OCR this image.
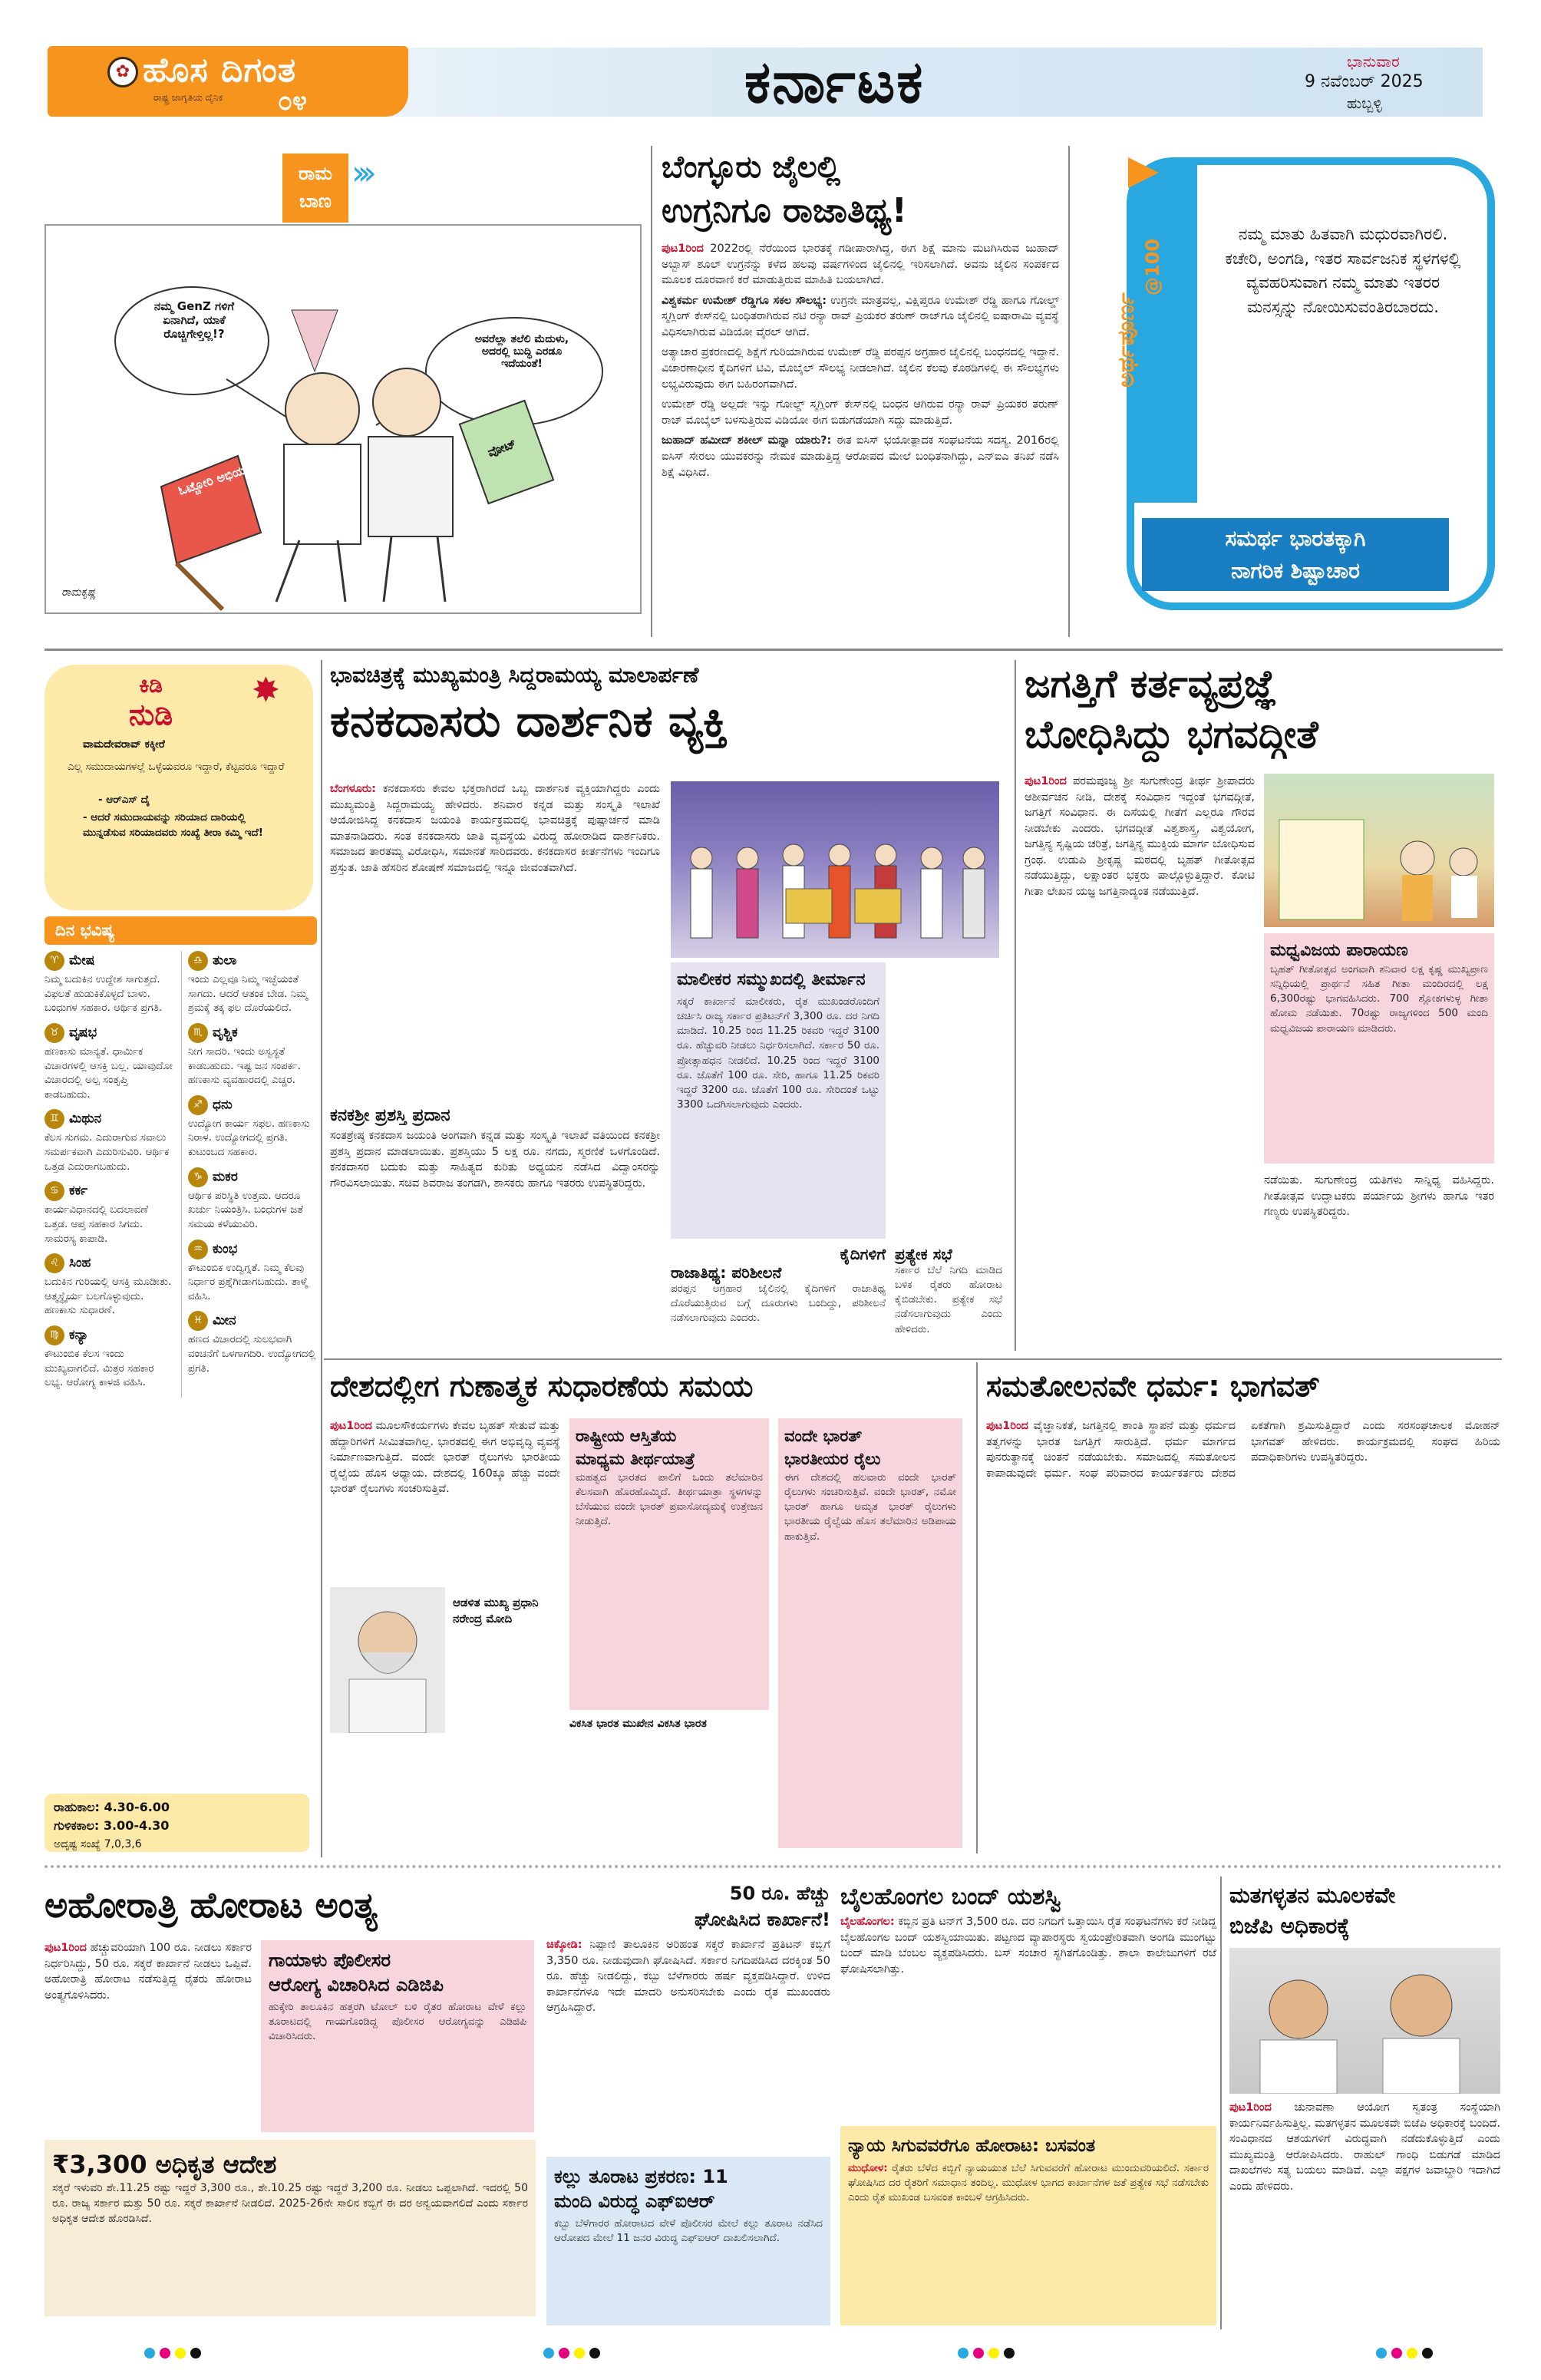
✿ ಹೊಸ ದಿಗಂತ
ರಾಷ್ಟ್ರ ಜಾಗೃತಿಯ ದೈನಿಕ ೦೪	ಕರ್ನಾಟಕ	ಭಾನುವಾರ
9 ನವೆಂಬರ್ 2025
ಹುಬ್ಬಳ್ಳಿ
ರಾಮ
ಬಾಣ
›››
ನಮ್ಮ GenZ ಗಳಿಗೆ ಏನಾಗಿದೆ, ಯಾಕೆ ರೊಚ್ಚಿಗೇಳ್ತಿಲ್ಲ!?	ಅವರೆಲ್ಲಾ ತಲೆಲಿ ಮೆದುಳು, ಅದರಲ್ಲಿ ಬುದ್ಧಿ ಎರಡೂ ಇದೆಯಂತೆ!
ಓಟ್ಚೋರಿ ಅಭಿಯಾನ
ವೋಟ್
ರಾಮಕೃಷ್ಣ
ಬೆಂಗ್ಳೂರು ಜೈಲಲ್ಲಿ
ಉಗ್ರನಿಗೂ ರಾಜಾತಿಥ್ಯ!

ಪುಟ1ರಿಂದ 2022ರಲ್ಲಿ ನೆರೆಯಿಂದ ಭಾರತಕ್ಕೆ ಗಡೀಪಾರಾಗಿದ್ದ, ಈಗ ಶಿಕ್ಷೆ ಮಾನು ಮಟಗಿಸಿರುವ ಜುಹಾದ್ ಅಬ್ಬಾಸ್ ಶೂಲ್ ಉಗ್ರನೆನ್ನು ಕಳೆದ ಹಲವು ವರ್ಷಗಳಿಂದ ಜೈಲಿನಲ್ಲಿ ಇರಿಸಲಾಗಿದೆ. ಅವನು ಜೈಲಿನ ಸಂಪರ್ಕದ ಮೂಲಕ ದೂರವಾಣಿ ಕರೆ ಮಾಡುತ್ತಿರುವ ಮಾಹಿತಿ ಬಯಲಾಗಿದೆ.

ವಿಶ್ವಕರ್ಮ ಉಮೇಶ್ ರೆಡ್ಡಿಗೂ ಸಕಲ ಸೌಲಭ್ಯ: ಉಗ್ರನೇ ಮಾತ್ರವಲ್ಲ, ವಿಕ್ಷಿಪ್ತರೂ ಉಮೇಶ್ ರೆಡ್ಡಿ ಹಾಗೂ ಗೋಲ್ಡ್ ಸ್ಮಗ್ಲಿಂಗ್ ಕೇಸ್‌ನಲ್ಲಿ ಬಂಧಿತರಾಗಿರುವ ನಟಿ ರನ್ಯಾ ರಾವ್ ಪ್ರಿಯಕರ ತರುಣ್ ರಾಜ್‌ಗೂ ಜೈಲಿನಲ್ಲಿ ಐಷಾರಾಮಿ ವ್ಯವಸ್ಥೆ ವಿಧಿಸಲಾಗಿರುವ ವಿಡಿಯೋ ವೈರಲ್ ಆಗಿದೆ.

ಅತ್ಯಾಚಾರ ಪ್ರಕರಣದಲ್ಲಿ ಶಿಕ್ಷೆಗೆ ಗುರಿಯಾಗಿರುವ ಉಮೇಶ್ ರೆಡ್ಡಿ ಪರಪ್ಪನ ಅಗ್ರಹಾರ ಜೈಲಿನಲ್ಲಿ ಬಂಧನದಲ್ಲಿ ಇದ್ದಾನೆ. ವಿಚಾರಣಾಧೀನ ಕೈದಿಗಳಿಗೆ ಟಿವಿ, ಮೊಬೈಲ್ ಸೌಲಭ್ಯ ನೀಡಲಾಗಿದೆ. ಜೈಲಿನ ಕೆಲವು ಕೊಠಡಿಗಳಲ್ಲಿ ಈ ಸೌಲಭ್ಯಗಳು ಲಭ್ಯವಿರುವುದು ಈಗ ಬಹಿರಂಗವಾಗಿದೆ.

ಉಮೇಶ್ ರೆಡ್ಡಿ ಅಲ್ಲದೇ ಇನ್ನು ಗೋಲ್ಡ್ ಸ್ಮಗ್ಲಿಂಗ್ ಕೇಸ್‌ನಲ್ಲಿ ಬಂಧನ ಆಗಿರುವ ರನ್ಯಾ ರಾವ್ ಪ್ರಿಯಕರ ತರುಣ್ ರಾಜ್ ಮೊಬೈಲ್ ಬಳಸುತ್ತಿರುವ ವಿಡಿಯೋ ಈಗ ಬಿಡುಗಡೆಯಾಗಿ ಸದ್ದು ಮಾಡುತ್ತಿದೆ.

ಜುಹಾದ್ ಹಮೀದ್ ಶಕೀಲ್ ಮನ್ನಾ ಯಾರು?: ಈತ ಐಸಿಸ್ ಭಯೋತ್ಪಾದಕ ಸಂಘಟನೆಯ ಸದಸ್ಯ. 2016ರಲ್ಲಿ ಐಸಿಸ್ ಸೇರಲು ಯುವಕರನ್ನು ನೇಮಕ ಮಾಡುತ್ತಿದ್ದ ಆರೋಪದ ಮೇಲೆ ಬಂಧಿತನಾಗಿದ್ದು, ಎನ್‌ಐಎ ತನಿಖೆ ನಡೆಸಿ ಶಿಕ್ಷೆ ವಿಧಿಸಿದೆ.

ಅರ್ಥಪೂರ್ಣ
@100
ನಮ್ಮ ಮಾತು ಹಿತವಾಗಿ ಮಧುರವಾಗಿರಲಿ. ಕಚೇರಿ, ಅಂಗಡಿ, ಇತರ ಸಾರ್ವಜನಿಕ ಸ್ಥಳಗಳಲ್ಲಿ ವ್ಯವಹರಿಸುವಾಗ ನಮ್ಮ ಮಾತು ಇತರರ ಮನಸ್ಸನ್ನು ನೋಯಿಸುವಂತಿರಬಾರದು.
ಸಮರ್ಥ ಭಾರತಕ್ಕಾಗಿ
ನಾಗರಿಕ ಶಿಷ್ಟಾಚಾರ
ಕಿಡಿ
ನುಡಿ
✸
ವಾಮದೇವರಾವ್ ಕಕ್ಕೀರೆ
ಎಲ್ಲ ಸಮುದಾಯಗಳಲ್ಲೆ ಒಳ್ಳೆಯವರೂ ಇದ್ದಾರೆ, ಕೆಟ್ಟವರೂ ಇದ್ದಾರೆ
- ಆರ್‌ಎಸ್ ದೈ
- ಆದರೆ ಸಮುದಾಯವನ್ನು ಸರಿಯಾದ ದಾರಿಯಲ್ಲಿ ಮುನ್ನಡೆಸುವ ಸರಿಯಾದವರು ಸಂಖ್ಯೆ ತೀರಾ ಕಮ್ಮಿ ಇದೆ!
ದಿನ ಭವಿಷ್ಯ
♈ ಮೇಷ
ನಿಮ್ಮ ಬದುಕಿನ ಉದ್ದೇಶ ಸಾಗುತ್ತದೆ. ವಿಫಲತೆ ಹುಡುಕಿಕೊಳ್ಳದೆ ಬಾಳು. ಬಂಧುಗಳ ಸಹಕಾರ. ಆರ್ಥಿಕ ಪ್ರಗತಿ.
♉ ವೃಷಭ
ಹಣಕಾಸು ಮಾನ್ಯತೆ. ಧಾರ್ಮಿಕ ವಿಚಾರಗಳಲ್ಲಿ ಆಸಕ್ತಿ ಬಲ್ಲ. ಯಾವುದೋ ವಿಚಾರದಲ್ಲಿ ಅಲ್ಪ ಸಂತೃಪ್ತಿ ಕಾಡಬಹುದು.
♊ ಮಿಥುನ
ಕೆಲಸ ಸುಗಮ. ಎದುರಾಗುವ ಸವಾಲು ಸಮರ್ಪಕವಾಗಿ ಎದುರಿಸುವಿರಿ. ಆರ್ಥಿಕ ಒತ್ತಡ ಎದುರಾಗಬಹುದು.
♋ ಕರ್ಕ
ಕಾರ್ಯವಿಧಾನದಲ್ಲಿ ಬದಲಾವಣೆ ಒತ್ತಡ. ಆಪ್ತ ಸಹಕಾರ ಸಿಗದು. ಸಾಮರಸ್ಯ ಕಾಪಾಡಿ.
♌ ಸಿಂಹ
ಬದುಕಿನ ಗುರಿಯಲ್ಲಿ ಆಸಕ್ತಿ ಮೂಡೀತು. ಆತ್ಮಸ್ಥೈರ್ಯ ಬಲಗೊಳ್ಳುವುದು. ಹಣಕಾಸು ಸುಧಾರಣೆ.
♍ ಕನ್ಯಾ
ಕೌಟುಂಬಿಕ ಕೆಲಸ ಇಂದು ಮುಖ್ಯವಾಗಲಿದೆ. ಮಿತ್ರರ ಸಹಕಾರ ಲಭ್ಯ. ಆರೋಗ್ಯ ಕಾಳಜಿ ವಹಿಸಿ.
♎ ತುಲಾ
ಇಂದು ಎಲ್ಲವೂ ನಿಮ್ಮ ಇಚ್ಛೆಯಂತೆ ಸಾಗದು. ಆದರೆ ಆತಂಕ ಬೇಡ. ನಿಮ್ಮ ಶ್ರಮಕ್ಕೆ ತಕ್ಕ ಫಲ ದೊರೆಯಲಿದೆ.
♏ ವೃಶ್ಚಿಕ
ನೀಗ ಸಾದರಿ. ಇಂದು ಅಸ್ವಸ್ಥತೆ ಕಾಡಬಹುದು. ಇಷ್ಟ ಜನ ಸಂಪರ್ಕ. ಹಣಕಾಸು ವ್ಯವಹಾರದಲ್ಲಿ ಎಚ್ಚರ.
♐ ಧನು
ಉದ್ಯೋಗ ಕಾರ್ಯ ಸಫಲ. ಹಣಕಾಸು ನಿರಾಳ. ಉದ್ಯೋಗದಲ್ಲಿ ಪ್ರಗತಿ. ಕುಟುಂಬದ ಸಹಕಾರ.
♑ ಮಕರ
ಆರ್ಥಿಕ ಪರಿಸ್ಥಿತಿ ಉತ್ತಮ. ಆದರೂ ಖರ್ಚು ನಿಯಂತ್ರಿಸಿ. ಬಂಧುಗಳ ಜತೆ ಸಮಯ ಕಳೆಯುವಿರಿ.
♒ ಕುಂಭ
ಕೌಟುಂಬಿಕ ಉದ್ವಿಗ್ನತೆ. ನಿಮ್ಮ ಕೆಲವು ನಿರ್ಧಾರ ಪ್ರಶ್ನೆಗೀಡಾಗಬಹುದು. ತಾಳ್ಮೆ ವಹಿಸಿ.
♓ ಮೀನ
ಹಣದ ವಿಚಾರದಲ್ಲಿ ಸುಲಭವಾಗಿ ವಂಚನೆಗೆ ಒಳಗಾಗದಿರಿ. ಉದ್ಯೋಗದಲ್ಲಿ ಪ್ರಗತಿ.
ರಾಹುಕಾಲ: 4.30-6.00
ಗುಳಿಕಕಾಲ: 3.00-4.30
ಅದೃಷ್ಟ ಸಂಖ್ಯೆ 7,0,3,6
ಭಾವಚಿತ್ರಕ್ಕೆ ಮುಖ್ಯಮಂತ್ರಿ ಸಿದ್ದರಾಮಯ್ಯ ಮಾಲಾರ್ಪಣೆ
ಕನಕದಾಸರು ದಾರ್ಶನಿಕ ವ್ಯಕ್ತಿ

ಬೆಂಗಳೂರು: ಕನಕದಾಸರು ಕೇವಲ ಭಕ್ತರಾಗಿರದೆ ಒಬ್ಬ ದಾರ್ಶನಿಕ ವ್ಯಕ್ತಿಯಾಗಿದ್ದರು ಎಂದು ಮುಖ್ಯಮಂತ್ರಿ ಸಿದ್ದರಾಮಯ್ಯ ಹೇಳಿದರು. ಶನಿವಾರ ಕನ್ನಡ ಮತ್ತು ಸಂಸ್ಕೃತಿ ಇಲಾಖೆ ಆಯೋಜಿಸಿದ್ದ ಕನಕದಾಸ ಜಯಂತಿ ಕಾರ್ಯಕ್ರಮದಲ್ಲಿ ಭಾವಚಿತ್ರಕ್ಕೆ ಪುಷ್ಪಾರ್ಚನೆ ಮಾಡಿ ಮಾತನಾಡಿದರು. ಸಂತ ಕನಕದಾಸರು ಜಾತಿ ವ್ಯವಸ್ಥೆಯ ವಿರುದ್ಧ ಹೋರಾಡಿದ ದಾರ್ಶನಿಕರು. ಸಮಾಜದ ತಾರತಮ್ಯ ವಿರೋಧಿಸಿ, ಸಮಾನತೆ ಸಾರಿದವರು. ಕನಕದಾಸರ ಕೀರ್ತನೆಗಳು ಇಂದಿಗೂ ಪ್ರಸ್ತುತ. ಜಾತಿ ಹೆಸರಿನ ಶೋಷಣೆ ಸಮಾಜದಲ್ಲಿ ಇನ್ನೂ ಜೀವಂತವಾಗಿದೆ.

ಮಾಲೀಕರ ಸಮ್ಮುಖದಲ್ಲಿ ತೀರ್ಮಾನ
ಸಕ್ಕರೆ ಕಾರ್ಖಾನೆ ಮಾಲೀಕರು, ರೈತ ಮುಖಂಡರೊಂದಿಗೆ ಚರ್ಚಿಸಿ ರಾಜ್ಯ ಸರ್ಕಾರ ಪ್ರತಿಟನ್‌ಗೆ 3,300 ರೂ. ದರ ನಿಗದಿ ಮಾಡಿದೆ. 10.25 ರಿಂದ 11.25 ರಿಕವರಿ ಇದ್ದರೆ 3100 ರೂ. ಹೆಚ್ಚುವರಿ ನೀಡಲು ನಿರ್ಧರಿಸಲಾಗಿದೆ. ಸರ್ಕಾರ 50 ರೂ. ಪ್ರೋತ್ಸಾಹಧನ ನೀಡಲಿದೆ. 10.25 ರಿಂದ ಇದ್ದರೆ 3100 ರೂ. ಜೊತೆಗೆ 100 ರೂ. ಸೇರಿ, ಹಾಗೂ 11.25 ರಿಕವರಿ ಇದ್ದರೆ 3200 ರೂ. ಜೊತೆಗೆ 100 ರೂ. ಸೇರಿದಂತೆ ಒಟ್ಟು 3300 ಒದಗಿಸಲಾಗುವುದು ಎಂದರು.
ಕನಕಶ್ರೀ ಪ್ರಶಸ್ತಿ ಪ್ರದಾನ
ಸಂತಶ್ರೇಷ್ಠ ಕನಕದಾಸ ಜಯಂತಿ ಅಂಗವಾಗಿ ಕನ್ನಡ ಮತ್ತು ಸಂಸ್ಕೃತಿ ಇಲಾಖೆ ವತಿಯಿಂದ ಕನಕಶ್ರೀ ಪ್ರಶಸ್ತಿ ಪ್ರದಾನ ಮಾಡಲಾಯಿತು. ಪ್ರಶಸ್ತಿಯು 5 ಲಕ್ಷ ರೂ. ನಗದು, ಸ್ಮರಣಿಕೆ ಒಳಗೊಂಡಿದೆ. ಕನಕದಾಸರ ಬದುಕು ಮತ್ತು ಸಾಹಿತ್ಯದ ಕುರಿತು ಅಧ್ಯಯನ ನಡೆಸಿದ ವಿದ್ವಾಂಸರನ್ನು ಗೌರವಿಸಲಾಯಿತು. ಸಚಿವ ಶಿವರಾಜ ತಂಗಡಗಿ, ಶಾಸಕರು ಹಾಗೂ ಇತರರು ಉಪಸ್ಥಿತರಿದ್ದರು.
ಕೈದಿಗಳಿಗೆ
ರಾಜಾತಿಥ್ಯ: ಪರಿಶೀಲನೆ
ಪರಪ್ಪನ ಅಗ್ರಹಾರ ಜೈಲಿನಲ್ಲಿ ಕೈದಿಗಳಿಗೆ ರಾಜಾತಿಥ್ಯ ದೊರೆಯುತ್ತಿರುವ ಬಗ್ಗೆ ದೂರುಗಳು ಬಂದಿದ್ದು, ಪರಿಶೀಲನೆ ನಡೆಸಲಾಗುವುದು ಎಂದರು.
ಪ್ರತ್ಯೇಕ ಸಭೆ
ಸರ್ಕಾರ ಬೆಲೆ ನಿಗದಿ ಮಾಡಿದ ಬಳಿಕ ರೈತರು ಹೋರಾಟ ಕೈಬಿಡಬೇಕು. ಪ್ರತ್ಯೇಕ ಸಭೆ ನಡೆಸಲಾಗುವುದು ಎಂದು ಹೇಳಿದರು.
ಜಗತ್ತಿಗೆ ಕರ್ತವ್ಯಪ್ರಜ್ಞೆ
ಬೋಧಿಸಿದ್ದು ಭಗವದ್ಗೀತೆ

ಪುಟ1ರಿಂದ ಪರಮಪೂಜ್ಯ ಶ್ರೀ ಸುಗುಣೇಂದ್ರ ತೀರ್ಥ ಶ್ರೀಪಾದರು ಆಶೀರ್ವಚನ ನೀಡಿ, ದೇಶಕ್ಕೆ ಸಂವಿಧಾನ ಇದ್ದಂತೆ ಭಗವದ್ಗೀತೆ, ಜಗತ್ತಿಗೆ ಸಂವಿಧಾನ. ಈ ದಿಸೆಯಲ್ಲಿ ಗೀತೆಗೆ ಎಲ್ಲರೂ ಗೌರವ ನೀಡಬೇಕು ಎಂದರು. ಭಗವದ್ಗೀತೆ ವಿಶ್ವಶಾಸ್ತ್ರ, ವಿಶ್ವಯೋಗ, ಜಗತ್ತಿನ್ಯ ಸೃಷ್ಟಿಯ ಚರಿತ್ರೆ, ಜಗತ್ತಿನ್ಯ ಮುಕ್ತಿಯ ಮಾರ್ಗ ಬೋಧಿಸುವ ಗ್ರಂಥ. ಉಡುಪಿ ಶ್ರೀಕೃಷ್ಣ ಮಠದಲ್ಲಿ ಬೃಹತ್ ಗೀತೋತ್ಸವ ನಡೆಯುತ್ತಿದ್ದು, ಲಕ್ಷಾಂತರ ಭಕ್ತರು ಪಾಲ್ಗೊಳ್ಳುತ್ತಿದ್ದಾರೆ. ಕೋಟಿ ಗೀತಾ ಲೇಖನ ಯಜ್ಞ ಜಗತ್ತಿನಾದ್ಯಂತ ನಡೆಯುತ್ತಿದೆ.

ಮಧ್ವವಿಜಯ ಪಾರಾಯಣ
ಬೃಹತ್ ಗೀತೋತ್ಸವ ಅಂಗವಾಗಿ ಶನಿವಾರ ಲಕ್ಷ ಕೃಷ್ಣ ಮುಖ್ಯಪ್ರಾಣ ಸನ್ನಿಧಿಯಲ್ಲಿ ಪ್ರಾರ್ಥನೆ ಸಹಿತ ಗೀತಾ ಮಂದಿರದಲ್ಲಿ ಲಕ್ಷ 6,300ರಷ್ಟು ಭಾಗವಹಿಸಿದರು. 700 ಶ್ಲೋಕಗಳುಳ್ಳ ಗೀತಾ ಹೋಮ ನಡೆಯಿತು. 70ರಷ್ಟು ರಾಜ್ಯಗಳಿಂದ 500 ಮಂದಿ ಮಧ್ವವಿಜಯ ಪಾರಾಯಣ ಮಾಡಿದರು.
ನಡೆಯಿತು. ಸುಗುಣೇಂದ್ರ ಯತಿಗಳು ಸಾನ್ನಿಧ್ಯ ವಹಿಸಿದ್ದರು. ಗೀತೋತ್ಸವ ಉದ್ಘಾಟಕರು ಪರ್ಯಾಯ ಶ್ರೀಗಳು ಹಾಗೂ ಇತರ ಗಣ್ಯರು ಉಪಸ್ಥಿತರಿದ್ದರು.
ದೇಶದಲ್ಲೀಗ ಗುಣಾತ್ಮಕ ಸುಧಾರಣೆಯ ಸಮಯ

ಪುಟ1ರಿಂದ ಮೂಲಸೌಕರ್ಯಗಳು ಕೇವಲ ಬೃಹತ್ ಸೇತುವೆ ಮತ್ತು ಹೆದ್ದಾರಿಗಳಿಗೆ ಸೀಮಿತವಾಗಿಲ್ಲ. ಭಾರತದಲ್ಲಿ ಈಗ ಅಭಿವೃದ್ಧಿ ವ್ಯವಸ್ಥೆ ನಿರ್ಮಾಣವಾಗುತ್ತಿದೆ. ವಂದೇ ಭಾರತ್ ರೈಲುಗಳು ಭಾರತೀಯ ರೈಲ್ವೆಯ ಹೊಸ ಅಧ್ಯಾಯ. ದೇಶದಲ್ಲಿ 160ಕ್ಕೂ ಹೆಚ್ಚು ವಂದೇ ಭಾರತ್ ರೈಲುಗಳು ಸಂಚರಿಸುತ್ತಿವೆ.

ಆಡಳಿತ ಮುಖ್ಯ ಪ್ರಧಾನಿ ನರೇಂದ್ರ ಮೋದಿ
ರಾಷ್ಟ್ರೀಯ ಆಸ್ತಿತೆಯ
ಮಾಧ್ಯಮ ತೀರ್ಥಯಾತ್ರೆ
ಮಹತ್ವದ ಭಾರತದ ಪಾಲಿಗೆ ಒಂದು ತಲೆಮಾರಿನ ಕೆಲಸವಾಗಿ ಹೊರಹೊಮ್ಮಿದೆ. ತೀರ್ಥಯಾತ್ರಾ ಸ್ಥಳಗಳನ್ನು ಬೆಸೆಯುವ ವಂದೇ ಭಾರತ್ ಪ್ರವಾಸೋದ್ಯಮಕ್ಕೆ ಉತ್ತೇಜನ ನೀಡುತ್ತಿದೆ.
ವಿಕಸಿತ ಭಾರತ ಮುಖೇನ ವಿಕಸಿತ ಭಾರತ
ವಂದೇ ಭಾರತ್
ಭಾರತೀಯರ ರೈಲು
ಈಗ ದೇಶದಲ್ಲಿ ಹಲವಾರು ವಂದೇ ಭಾರತ್ ರೈಲುಗಳು ಸಂಚರಿಸುತ್ತಿವೆ. ವಂದೇ ಭಾರತ್, ನಮೋ ಭಾರತ್ ಹಾಗೂ ಅಮೃತ ಭಾರತ್ ರೈಲುಗಳು ಭಾರತೀಯ ರೈಲ್ವೆಯ ಹೊಸ ತಲೆಮಾರಿನ ಅಡಿಪಾಯ ಹಾಕುತ್ತಿವೆ.
ಸಮತೋಲನವೇ ಧರ್ಮ: ಭಾಗವತ್

ಪುಟ1ರಿಂದ ವೈಜ್ಞಾನಿಕತೆ, ಜಗತ್ತಿನಲ್ಲಿ ಶಾಂತಿ ಸ್ಥಾಪನೆ ಮತ್ತು ಧರ್ಮದ ತತ್ವಗಳನ್ನು ಭಾರತ ಜಗತ್ತಿಗೆ ಸಾರುತ್ತಿದೆ. ಧರ್ಮ ಮಾರ್ಗದ ಪುನರುತ್ಥಾನಕ್ಕೆ ಚಿಂತನೆ ನಡೆಯಬೇಕು. ಸಮಾಜದಲ್ಲಿ ಸಮತೋಲನ ಕಾಪಾಡುವುದೇ ಧರ್ಮ. ಸಂಘ ಪರಿವಾರದ ಕಾರ್ಯಕರ್ತರು ದೇಶದ ಏಕತೆಗಾಗಿ ಶ್ರಮಿಸುತ್ತಿದ್ದಾರೆ ಎಂದು ಸರಸಂಘಚಾಲಕ ಮೋಹನ್ ಭಾಗವತ್ ಹೇಳಿದರು. ಕಾರ್ಯಕ್ರಮದಲ್ಲಿ ಸಂಘದ ಹಿರಿಯ ಪದಾಧಿಕಾರಿಗಳು ಉಪಸ್ಥಿತರಿದ್ದರು.

ಅಹೋರಾತ್ರಿ ಹೋರಾಟ ಅಂತ್ಯ

ಪುಟ1ರಿಂದ ಹೆಚ್ಚುವರಿಯಾಗಿ 100 ರೂ. ನೀಡಲು ಸರ್ಕಾರ ನಿರ್ಧರಿಸಿದ್ದು, 50 ರೂ. ಸಕ್ಕರೆ ಕಾರ್ಖಾನೆ ನೀಡಲು ಒಪ್ಪಿವೆ. ಅಹೋರಾತ್ರಿ ಹೋರಾಟ ನಡೆಸುತ್ತಿದ್ದ ರೈತರು ಹೋರಾಟ ಅಂತ್ಯಗೊಳಿಸಿದರು.

ಗಾಯಾಳು ಪೊಲೀಸರ
ಆರೋಗ್ಯ ವಿಚಾರಿಸಿದ ಎಡಿಜಿಪಿ
ಹುಕ್ಕೇರಿ ತಾಲೂಕಿನ ಹತ್ತರಗಿ ಟೋಲ್ ಬಳಿ ರೈತರ ಹೋರಾಟ ವೇಳೆ ಕಲ್ಲು ತೂರಾಟದಲ್ಲಿ ಗಾಯಗೊಂಡಿದ್ದ ಪೊಲೀಸರ ಆರೋಗ್ಯವನ್ನು ಎಡಿಜಿಪಿ ವಿಚಾರಿಸಿದರು.
₹3,300 ಅಧಿಕೃತ ಆದೇಶ
ಸಕ್ಕರೆ ಇಳುವರಿ ಶೇ.11.25 ರಷ್ಟು ಇದ್ದರೆ 3,300 ರೂ., ಶೇ.10.25 ರಷ್ಟು ಇದ್ದರೆ 3,200 ರೂ. ನೀಡಲು ಒಪ್ಪಲಾಗಿದೆ. ಇದರಲ್ಲಿ 50 ರೂ. ರಾಜ್ಯ ಸರ್ಕಾರ ಮತ್ತು 50 ರೂ. ಸಕ್ಕರೆ ಕಾರ್ಖಾನೆ ನೀಡಲಿದೆ. 2025-26ನೇ ಸಾಲಿನ ಕಬ್ಬಿಗೆ ಈ ದರ ಅನ್ವಯವಾಗಲಿದೆ ಎಂದು ಸರ್ಕಾರ ಅಧಿಕೃತ ಆದೇಶ ಹೊರಡಿಸಿದೆ.
50 ರೂ. ಹೆಚ್ಚು
ಘೋಷಿಸಿದ ಕಾರ್ಖಾನೆ!

ಚಿಕ್ಕೋಡಿ: ನಿಪ್ಪಾಣಿ ತಾಲೂಕಿನ ಅರಿಹಂತ ಸಕ್ಕರೆ ಕಾರ್ಖಾನೆ ಪ್ರತಿಟನ್ ಕಬ್ಬಿಗೆ 3,350 ರೂ. ನೀಡುವುದಾಗಿ ಘೋಷಿಸಿದೆ. ಸರ್ಕಾರ ನಿಗದಿಪಡಿಸಿದ ದರಕ್ಕಿಂತ 50 ರೂ. ಹೆಚ್ಚು ನೀಡಲಿದ್ದು, ಕಬ್ಬು ಬೆಳೆಗಾರರು ಹರ್ಷ ವ್ಯಕ್ತಪಡಿಸಿದ್ದಾರೆ. ಉಳಿದ ಕಾರ್ಖಾನೆಗಳೂ ಇದೇ ಮಾದರಿ ಅನುಸರಿಸಬೇಕು ಎಂದು ರೈತ ಮುಖಂಡರು ಆಗ್ರಹಿಸಿದ್ದಾರೆ.

ಕಲ್ಲು ತೂರಾಟ ಪ್ರಕರಣ: 11
ಮಂದಿ ವಿರುದ್ಧ ಎಫ್‌ಐಆರ್
ಕಬ್ಬು ಬೆಳೆಗಾರರ ಹೋರಾಟದ ವೇಳೆ ಪೊಲೀಸರ ಮೇಲೆ ಕಲ್ಲು ತೂರಾಟ ನಡೆಸಿದ ಆರೋಪದ ಮೇಲೆ 11 ಜನರ ವಿರುದ್ಧ ಎಫ್‌ಐಆರ್ ದಾಖಲಿಸಲಾಗಿದೆ.
ಬೈಲಹೊಂಗಲ ಬಂದ್ ಯಶಸ್ವಿ

ಬೈಲಹೊಂಗಲ: ಕಬ್ಬಿನ ಪ್ರತಿ ಟನ್‌ಗೆ 3,500 ರೂ. ದರ ನಿಗದಿಗೆ ಒತ್ತಾಯಿಸಿ ರೈತ ಸಂಘಟನೆಗಳು ಕರೆ ನೀಡಿದ್ದ ಬೈಲಹೊಂಗಲ ಬಂದ್ ಯಶಸ್ವಿಯಾಯಿತು. ಪಟ್ಟಣದ ವ್ಯಾಪಾರಸ್ಥರು ಸ್ವಯಂಪ್ರೇರಿತವಾಗಿ ಅಂಗಡಿ ಮುಂಗಟ್ಟು ಬಂದ್ ಮಾಡಿ ಬೆಂಬಲ ವ್ಯಕ್ತಪಡಿಸಿದರು. ಬಸ್ ಸಂಚಾರ ಸ್ಥಗಿತಗೊಂಡಿತ್ತು. ಶಾಲಾ ಕಾಲೇಜುಗಳಿಗೆ ರಜೆ ಘೋಷಿಸಲಾಗಿತ್ತು.

ನ್ಯಾಯ ಸಿಗುವವರೆಗೂ ಹೋರಾಟ: ಬಸವಂತ
ಮುಧೋಳ: ರೈತರು ಬೆಳೆದ ಕಬ್ಬಿಗೆ ನ್ಯಾಯಯುತ ಬೆಲೆ ಸಿಗುವವರೆಗೆ ಹೋರಾಟ ಮುಂದುವರಿಯಲಿದೆ. ಸರ್ಕಾರ ಘೋಷಿಸಿದ ದರ ರೈತರಿಗೆ ಸಮಾಧಾನ ತಂದಿಲ್ಲ. ಮುಧೋಳ ಭಾಗದ ಕಾರ್ಖಾನೆಗಳ ಜತೆ ಪ್ರತ್ಯೇಕ ಸಭೆ ನಡೆಸಬೇಕು ಎಂದು ರೈತ ಮುಖಂಡ ಬಸವಂತ ಕಾಂಬಳೆ ಆಗ್ರಹಿಸಿದರು.
ಮತಗಳ್ಳತನ ಮೂಲಕವೇ
ಬಿಜೆಪಿ ಅಧಿಕಾರಕ್ಕೆ

ಪುಟ1ರಿಂದ ಚುನಾವಣಾ ಆಯೋಗ ಸ್ವತಂತ್ರ ಸಂಸ್ಥೆಯಾಗಿ ಕಾರ್ಯನಿರ್ವಹಿಸುತ್ತಿಲ್ಲ. ಮತಗಳ್ಳತನ ಮೂಲಕವೇ ಬಿಜೆಪಿ ಅಧಿಕಾರಕ್ಕೆ ಬಂದಿದೆ. ಸಂವಿಧಾನದ ಆಶಯಗಳಿಗೆ ವಿರುದ್ಧವಾಗಿ ನಡೆದುಕೊಳ್ಳುತ್ತಿದೆ ಎಂದು ಮುಖ್ಯಮಂತ್ರಿ ಆರೋಪಿಸಿದರು. ರಾಹುಲ್ ಗಾಂಧಿ ಬಿಡುಗಡೆ ಮಾಡಿದ ದಾಖಲೆಗಳು ಸತ್ಯ ಬಯಲು ಮಾಡಿವೆ. ಎಲ್ಲಾ ಪಕ್ಷಗಳ ಜವಾಬ್ದಾರಿ ಇದಾಗಿದೆ ಎಂದು ಹೇಳಿದರು.
